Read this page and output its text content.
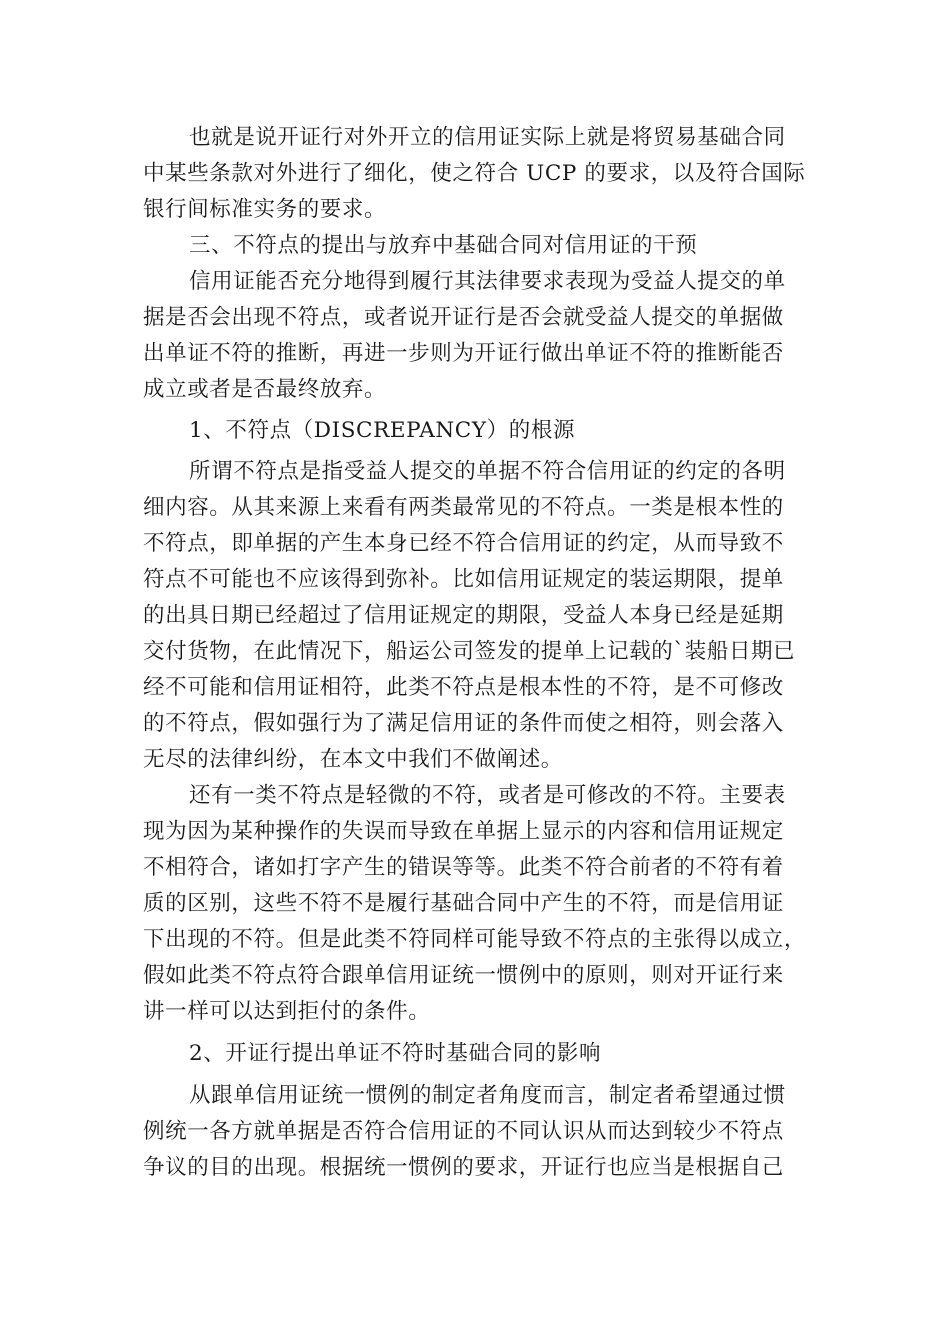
也就是说开证行对外开立的信用证实际上就是将贸易基础合同
中某些条款对外进行了细化，使之符合 UCP 的要求，以及符合国际
银行间标准实务的要求。
三、不符点的提出与放弃中基础合同对信用证的干预
信用证能否充分地得到履行其法律要求表现为受益人提交的单
据是否会出现不符点，或者说开证行是否会就受益人提交的单据做
出单证不符的推断，再进一步则为开证行做出单证不符的推断能否
成立或者是否最终放弃。
1、不符点（DISCREPANCY）的根源
所谓不符点是指受益人提交的单据不符合信用证的约定的各明
细内容。从其来源上来看有两类最常见的不符点。一类是根本性的
不符点，即单据的产生本身已经不符合信用证的约定，从而导致不
符点不可能也不应该得到弥补。比如信用证规定的装运期限，提单
的出具日期已经超过了信用证规定的期限，受益人本身已经是延期
交付货物，在此情况下，船运公司签发的提单上记载的`装船日期已
经不可能和信用证相符，此类不符点是根本性的不符，是不可修改
的不符点，假如强行为了满足信用证的条件而使之相符，则会落入
无尽的法律纠纷，在本文中我们不做阐述。
还有一类不符点是轻微的不符，或者是可修改的不符。主要表
现为因为某种操作的失误而导致在单据上显示的内容和信用证规定
不相符合，诸如打字产生的错误等等。此类不符合前者的不符有着
质的区别，这些不符不是履行基础合同中产生的不符，而是信用证
下出现的不符。但是此类不符同样可能导致不符点的主张得以成立，
假如此类不符点符合跟单信用证统一惯例中的原则，则对开证行来
讲一样可以达到拒付的条件。
2、开证行提出单证不符时基础合同的影响
从跟单信用证统一惯例的制定者角度而言，制定者希望通过惯
例统一各方就单据是否符合信用证的不同认识从而达到较少不符点
争议的目的出现。根据统一惯例的要求，开证行也应当是根据自己
